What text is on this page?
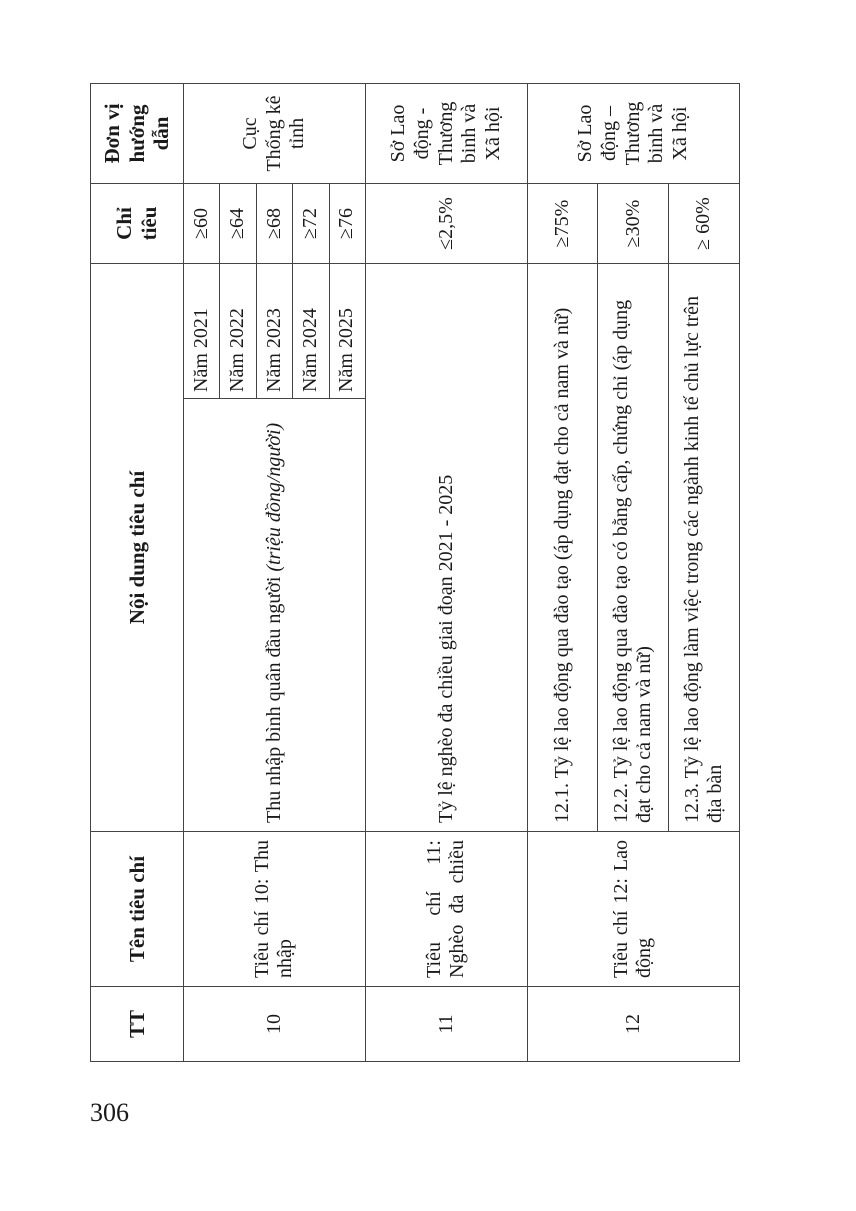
TT	Tên tiêu chí	Nội dung tiêu chí		Chỉ tiêu	Đơn vị hướng dẫn
10	Tiêu chí 10: Thu nhập	Thu nhập bình quân đầu người (triệu đồng/người)	Năm 2021	≥60	Cục Thống kê tỉnh
			Năm 2022	≥64	
			Năm 2023	≥68	
			Năm 2024	≥72	
			Năm 2025	≥76	
11	Tiêu chí 11: Nghèo đa chiều	Tỷ lệ nghèo đa chiều giai đoạn 2021 - 2025		≤2,5%	Sở Lao động - Thương binh và Xã hội
12	Tiêu chí 12: Lao động	12.1. Tỷ lệ lao động qua đào tạo (áp dụng đạt cho cả nam và nữ)		≥75%	Sở Lao động – Thương binh và Xã hội
		12.2. Tỷ lệ lao động qua đào tạo có bằng cấp, chứng chỉ (áp dụng đạt cho cả nam và nữ)		≥30%	
		12.3. Tỷ lệ lao động làm việc trong các ngành kinh tế chủ lực trên địa bàn		≥ 60%	
306
